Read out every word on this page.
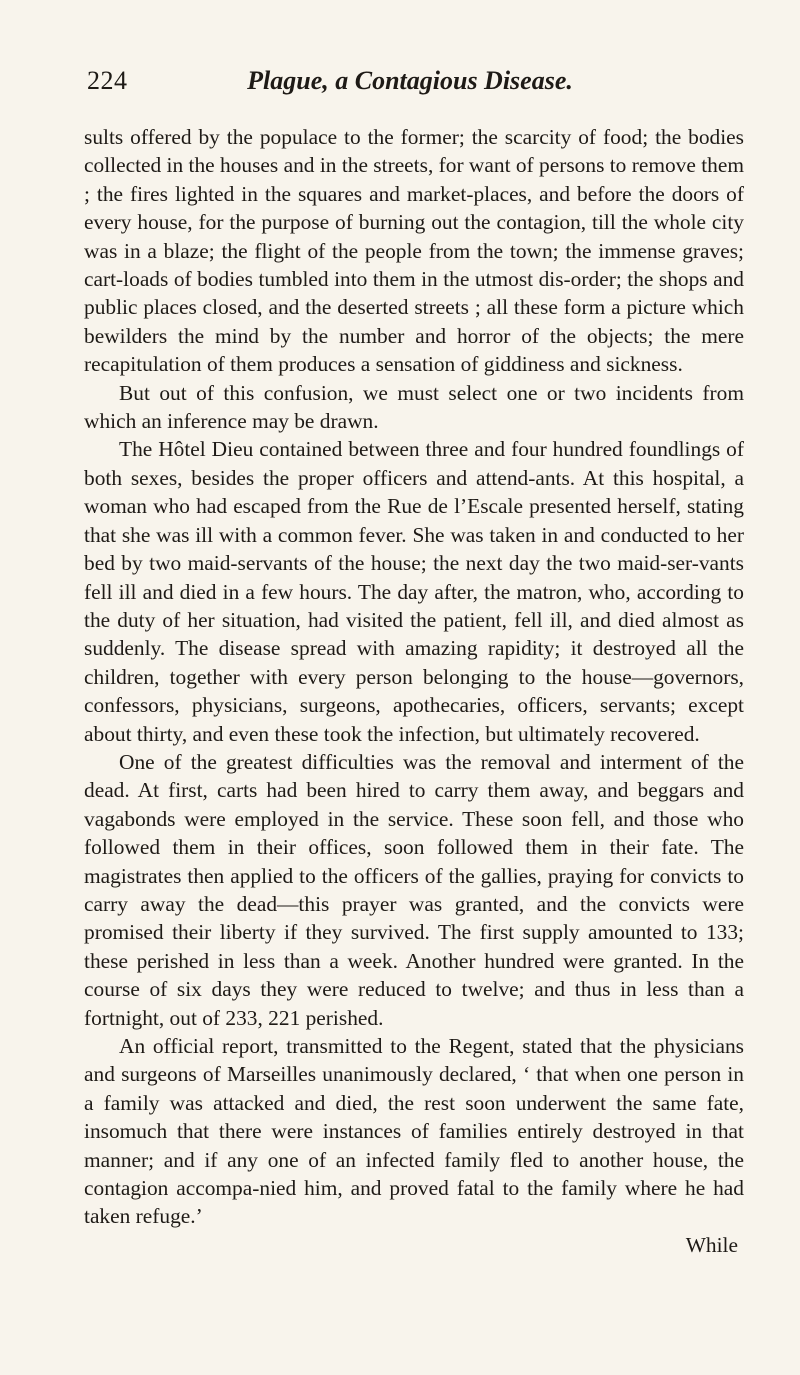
224	Plague, a Contagious Disease.

sults offered by the populace to the former; the scarcity of food; the bodies collected in the houses and in the streets, for want of persons to remove them ; the fires lighted in the squares and market-places, and before the doors of every house, for the purpose of burning out the contagion, till the whole city was in a blaze; the flight of the people from the town; the immense graves; cart-loads of bodies tumbled into them in the utmost dis-order; the shops and public places closed, and the deserted streets ; all these form a picture which bewilders the mind by the number and horror of the objects; the mere recapitulation of them produces a sensation of giddiness and sickness.

But out of this confusion, we must select one or two incidents from which an inference may be drawn.

The Hôtel Dieu contained between three and four hundred foundlings of both sexes, besides the proper officers and attend-ants. At this hospital, a woman who had escaped from the Rue de l’Escale presented herself, stating that she was ill with a common fever. She was taken in and conducted to her bed by two maid-servants of the house; the next day the two maid-ser-vants fell ill and died in a few hours. The day after, the matron, who, according to the duty of her situation, had visited the patient, fell ill, and died almost as suddenly. The disease spread with amazing rapidity; it destroyed all the children, together with every person belonging to the house—governors, confessors, physicians, surgeons, apothecaries, officers, servants; except about thirty, and even these took the infection, but ultimately recovered.

One of the greatest difficulties was the removal and interment of the dead. At first, carts had been hired to carry them away, and beggars and vagabonds were employed in the service. These soon fell, and those who followed them in their offices, soon followed them in their fate. The magistrates then applied to the officers of the gallies, praying for convicts to carry away the dead—this prayer was granted, and the convicts were promised their liberty if they survived. The first supply amounted to 133; these perished in less than a week. Another hundred were granted. In the course of six days they were reduced to twelve; and thus in less than a fortnight, out of 233, 221 perished.

An official report, transmitted to the Regent, stated that the physicians and surgeons of Marseilles unanimously declared, ‘ that when one person in a family was attacked and died, the rest soon underwent the same fate, insomuch that there were instances of families entirely destroyed in that manner; and if any one of an infected family fled to another house, the contagion accompa-nied him, and proved fatal to the family where he had taken refuge.’

While
